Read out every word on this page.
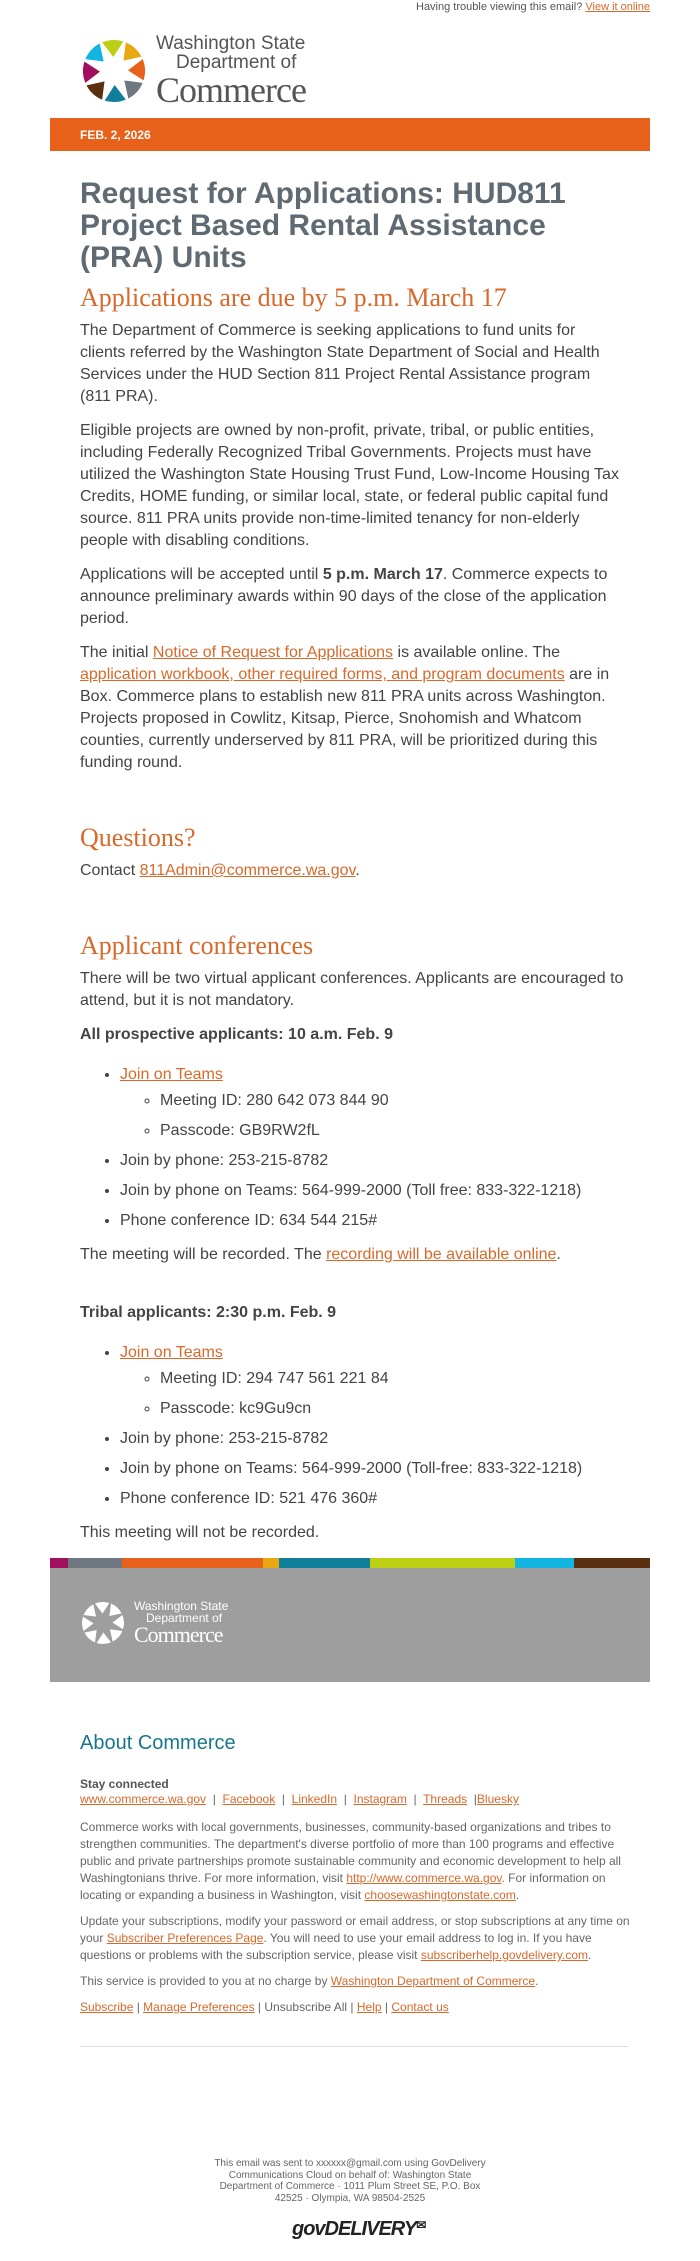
Having trouble viewing this email? View it online
Washington State
Department of
Commerce
FEB. 2, 2026
Request for Applications: HUD811 Project Based Rental Assistance (PRA) Units
Applications are due by 5 p.m. March 17

The Department of Commerce is seeking applications to fund units for clients referred by the Washington State Department of Social and Health Services under the HUD Section 811 Project Rental Assistance program (811 PRA).

Eligible projects are owned by non-profit, private, tribal, or public entities, including Federally Recognized Tribal Governments. Projects must have utilized the Washington State Housing Trust Fund, Low-Income Housing Tax Credits, HOME funding, or similar local, state, or federal public capital fund source. 811 PRA units provide non-time-limited tenancy for non-elderly people with disabling conditions.

Applications will be accepted until 5 p.m. March 17. Commerce expects to announce preliminary awards within 90 days of the close of the application period.

The initial Notice of Request for Applications is available online. The application workbook, other required forms, and program documents are in Box. Commerce plans to establish new 811 PRA units across Washington. Projects proposed in Cowlitz, Kitsap, Pierce, Snohomish and Whatcom counties, currently underserved by 811 PRA, will be prioritized during this funding round.

Questions?

Contact 811Admin@commerce.wa.gov.

Applicant conferences

There will be two virtual applicant conferences. Applicants are encouraged to attend, but it is not mandatory.

All prospective applicants: 10 a.m. Feb. 9

• Join on Teams
◦ Meeting ID: 280 642 073 844 90
◦ Passcode: GB9RW2fL
• Join by phone: 253-215-8782
• Join by phone on Teams: 564-999-2000 (Toll free: 833-322-1218)
• Phone conference ID: 634 544 215#

The meeting will be recorded. The recording will be available online.

Tribal applicants: 2:30 p.m. Feb. 9

• Join on Teams
◦ Meeting ID: 294 747 561 221 84
◦ Passcode: kc9Gu9cn
• Join by phone: 253-215-8782
• Join by phone on Teams: 564-999-2000 (Toll-free: 833-322-1218)
• Phone conference ID: 521 476 360#

This meeting will not be recorded.

Washington State
Department of
Commerce
About Commerce
Stay connected

www.commerce.wa.gov  |  Facebook  |  LinkedIn  |  Instagram  |  Threads  |Bluesky

Commerce works with local governments, businesses, community-based organizations and tribes to strengthen communities. The department's diverse portfolio of more than 100 programs and effective public and private partnerships promote sustainable community and economic development to help all Washingtonians thrive. For more information, visit http://www.commerce.wa.gov. For information on locating or expanding a business in Washington, visit choosewashingtonstate.com.

Update your subscriptions, modify your password or email address, or stop subscriptions at any time on your Subscriber Preferences Page. You will need to use your email address to log in. If you have questions or problems with the subscription service, please visit subscriberhelp.govdelivery.com.

This service is provided to you at no charge by Washington Department of Commerce.

Subscribe | Manage Preferences | Unsubscribe All | Help | Contact us

This email was sent to xxxxxx@gmail.com using GovDelivery Communications Cloud on behalf of: Washington State Department of Commerce · 1011 Plum Street SE, P.O. Box 42525 · Olympia, WA 98504-2525
govDELIVERY✉
